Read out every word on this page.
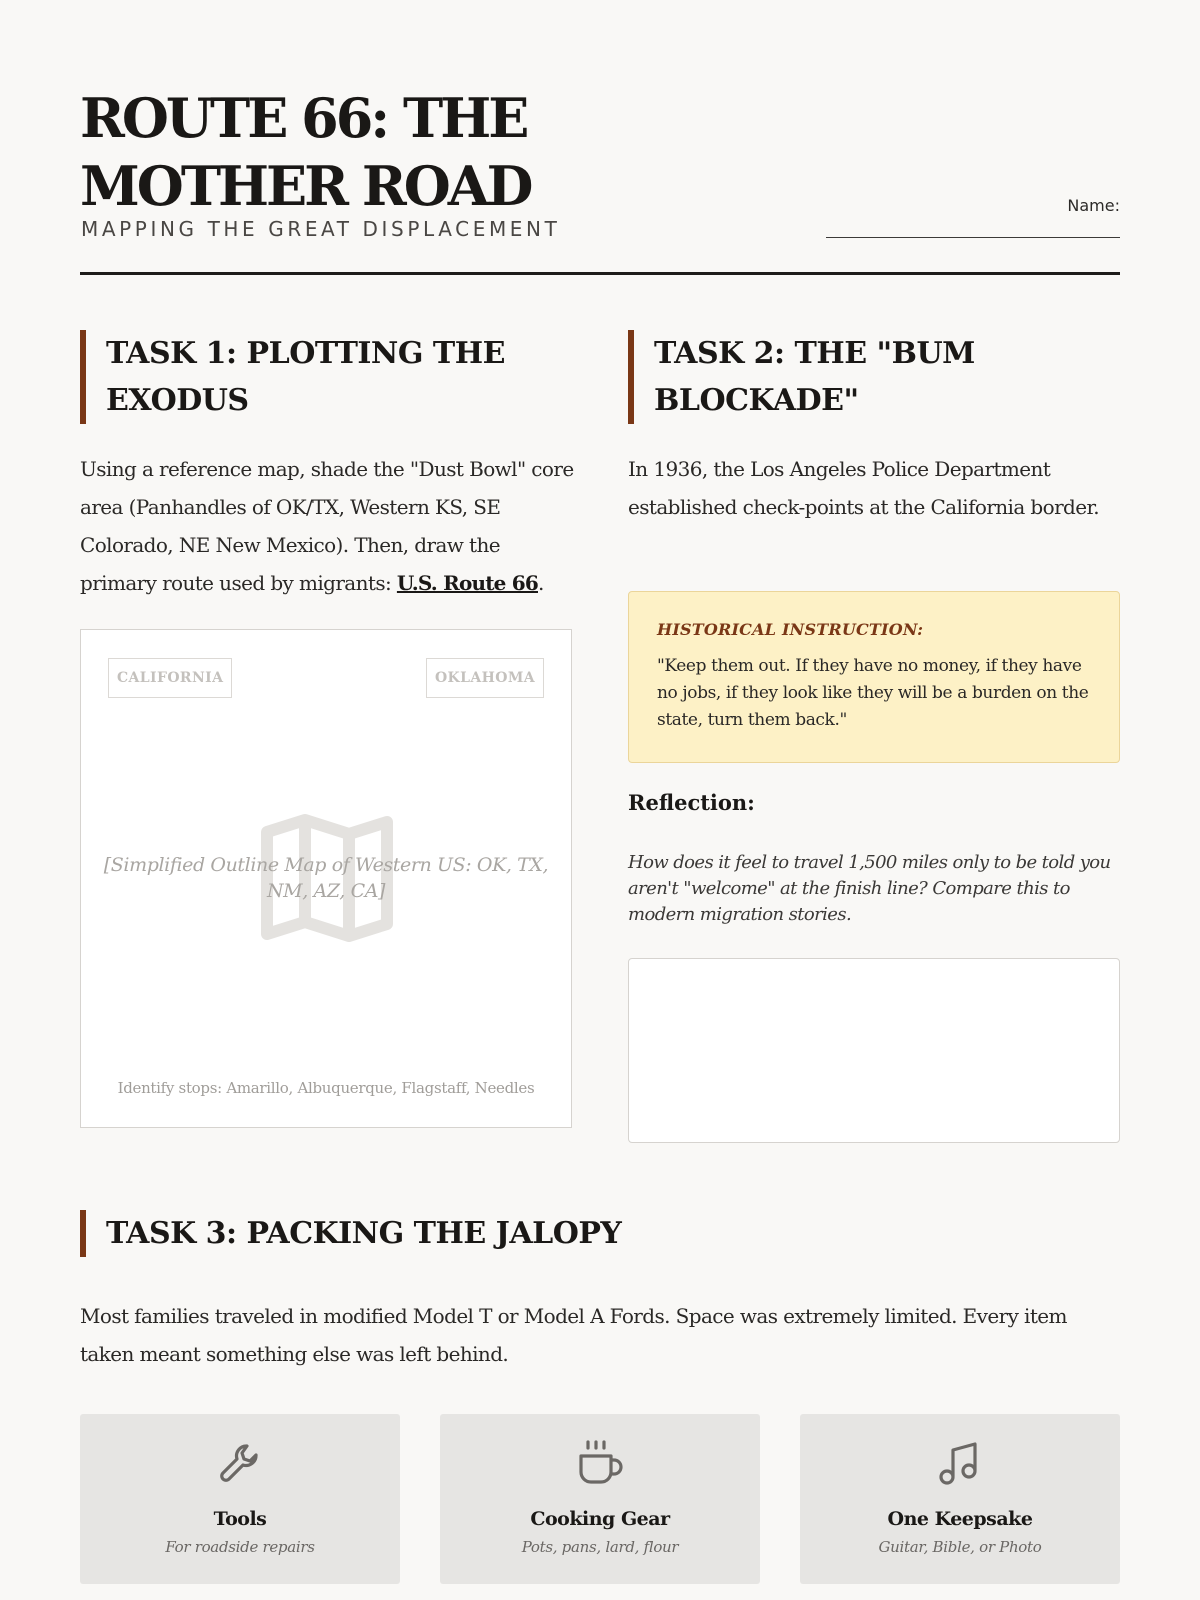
ROUTE 66: THE MOTHER ROAD

MAPPING THE GREAT DISPLACEMENT

Name:
TASK 1: PLOTTING THE EXODUS

Using a reference map, shade the "Dust Bowl" core area (Panhandles of OK/TX, Western KS, SE Colorado, NE New Mexico). Then, draw the primary route used by migrants: U.S. Route 66.

CALIFORNIA	OKLAHOMA
[Simplified Outline Map of Western US: OK, TX, NM, AZ, CA]
Identify stops: Amarillo, Albuquerque, Flagstaff, Needles
TASK 2: THE "BUM BLOCKADE"

In 1936, the Los Angeles Police Department established check-points at the California border.

HISTORICAL INSTRUCTION:

"Keep them out. If they have no money, if they have no jobs, if they look like they will be a burden on the state, turn them back."

Reflection:

How does it feel to travel 1,500 miles only to be told you aren't "welcome" at the finish line? Compare this to modern migration stories.

TASK 3: PACKING THE JALOPY

Most families traveled in modified Model T or Model A Fords. Space was extremely limited. Every item taken meant something else was left behind.

Tools

For roadside repairs

Cooking Gear

Pots, pans, lard, flour

One Keepsake

Guitar, Bible, or Photo
